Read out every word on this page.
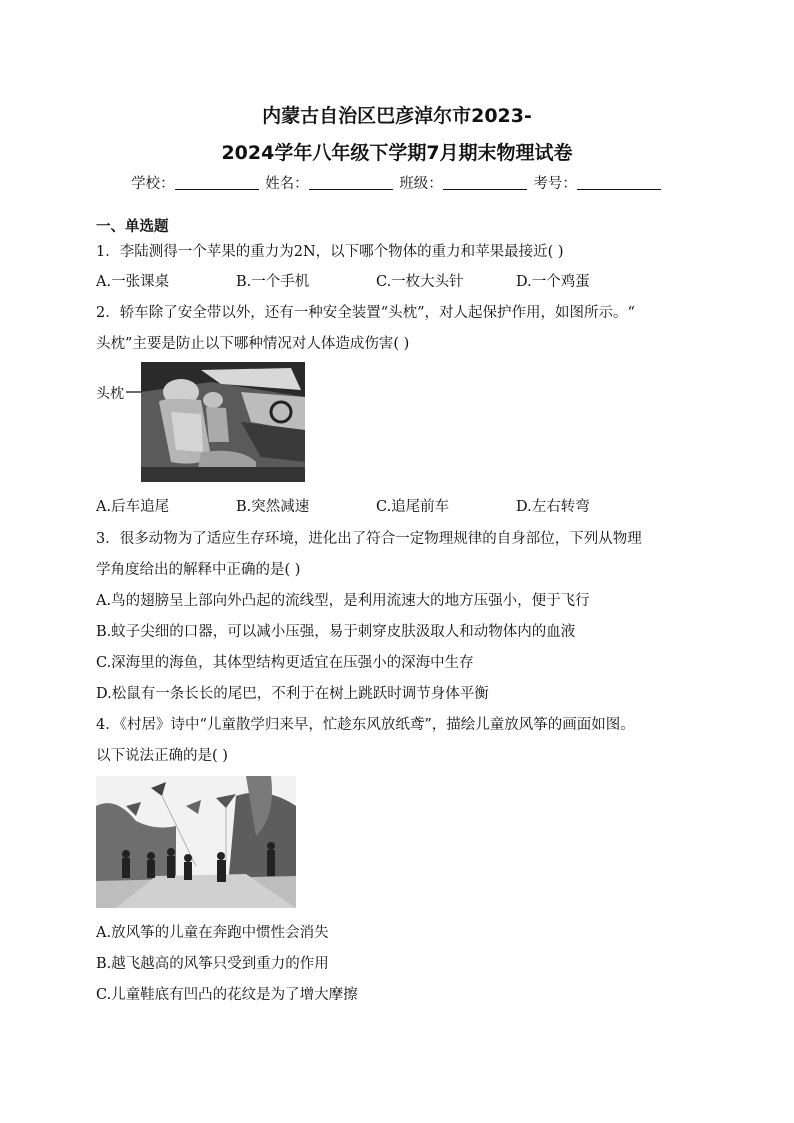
内蒙古自治区巴彦淖尔市2023-
2024学年八年级下学期7月期末物理试卷
学校：	姓名：	班级：	考号：
一、单选题
1．李陆测得一个苹果的重力为2N，以下哪个物体的重力和苹果最接近( )
A.一张课桌	B.一个手机	C.一枚大头针	D.一个鸡蛋
2．轿车除了安全带以外，还有一种安全装置“头枕”，对人起保护作用，如图所示。“
头枕”主要是防止以下哪种情况对人体造成伤害( )
头枕
A.后车追尾	B.突然减速	C.追尾前车	D.左右转弯
3．很多动物为了适应生存环境，进化出了符合一定物理规律的自身部位，下列从物理
学角度给出的解释中正确的是( )
A.鸟的翅膀呈上部向外凸起的流线型，是利用流速大的地方压强小，便于飞行
B.蚊子尖细的口器，可以减小压强，易于刺穿皮肤汲取人和动物体内的血液
C.深海里的海鱼，其体型结构更适宜在压强小的深海中生存
D.松鼠有一条长长的尾巴，不利于在树上跳跃时调节身体平衡
4．《村居》诗中“儿童散学归来早，忙趁东风放纸鸢”，描绘儿童放风筝的画面如图。
以下说法正确的是( )
A.放风筝的儿童在奔跑中惯性会消失
B.越飞越高的风筝只受到重力的作用
C.儿童鞋底有凹凸的花纹是为了增大摩擦
